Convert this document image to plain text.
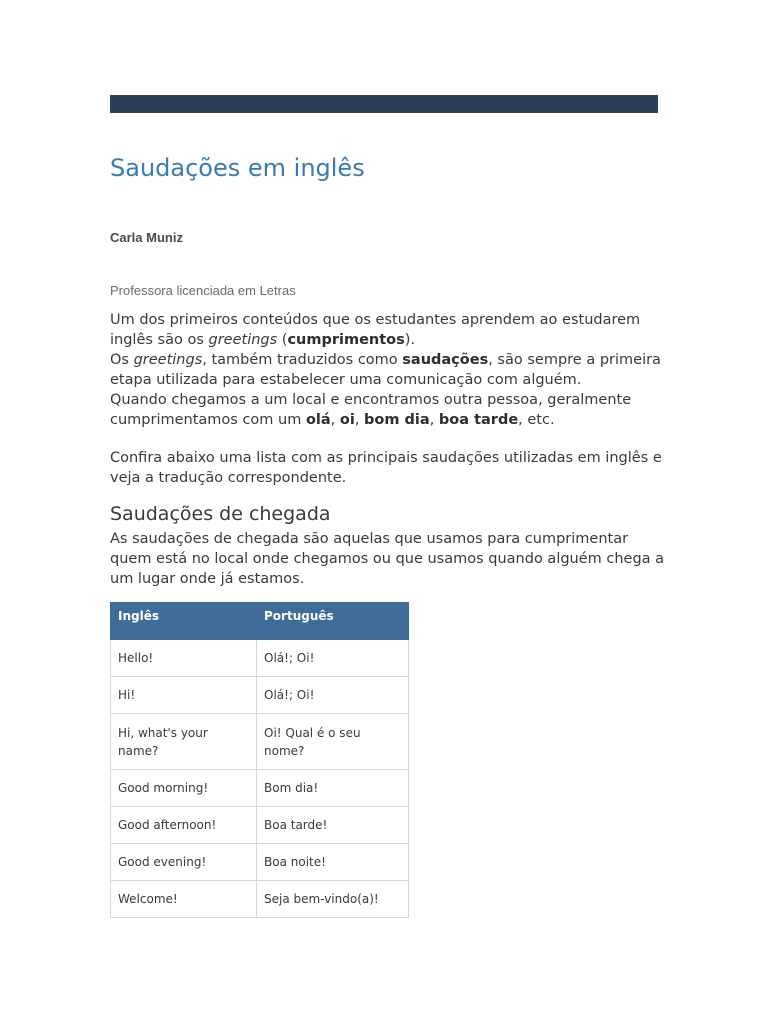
Saudações em inglês
Carla Muniz
Professora licenciada em Letras

Um dos primeiros conteúdos que os estudantes aprendem ao estudarem inglês são os greetings (cumprimentos).

Os greetings, também traduzidos como saudações, são sempre a primeira etapa utilizada para estabelecer uma comunicação com alguém.

Quando chegamos a um local e encontramos outra pessoa, geralmente cumprimentamos com um olá, oi, bom dia, boa tarde, etc.

Confira abaixo uma lista com as principais saudações utilizadas em inglês e veja a tradução correspondente.

Saudações de chegada

As saudações de chegada são aquelas que usamos para cumprimentar quem está no local onde chegamos ou que usamos quando alguém chega a um lugar onde já estamos.

Inglês	Português
Hello!	Olá!; Oi!
Hi!	Olá!; Oi!
Hi, what's your name?	Oi! Qual é o seu nome?
Good morning!	Bom dia!
Good afternoon!	Boa tarde!
Good evening!	Boa noite!
Welcome!	Seja bem-vindo(a)!
